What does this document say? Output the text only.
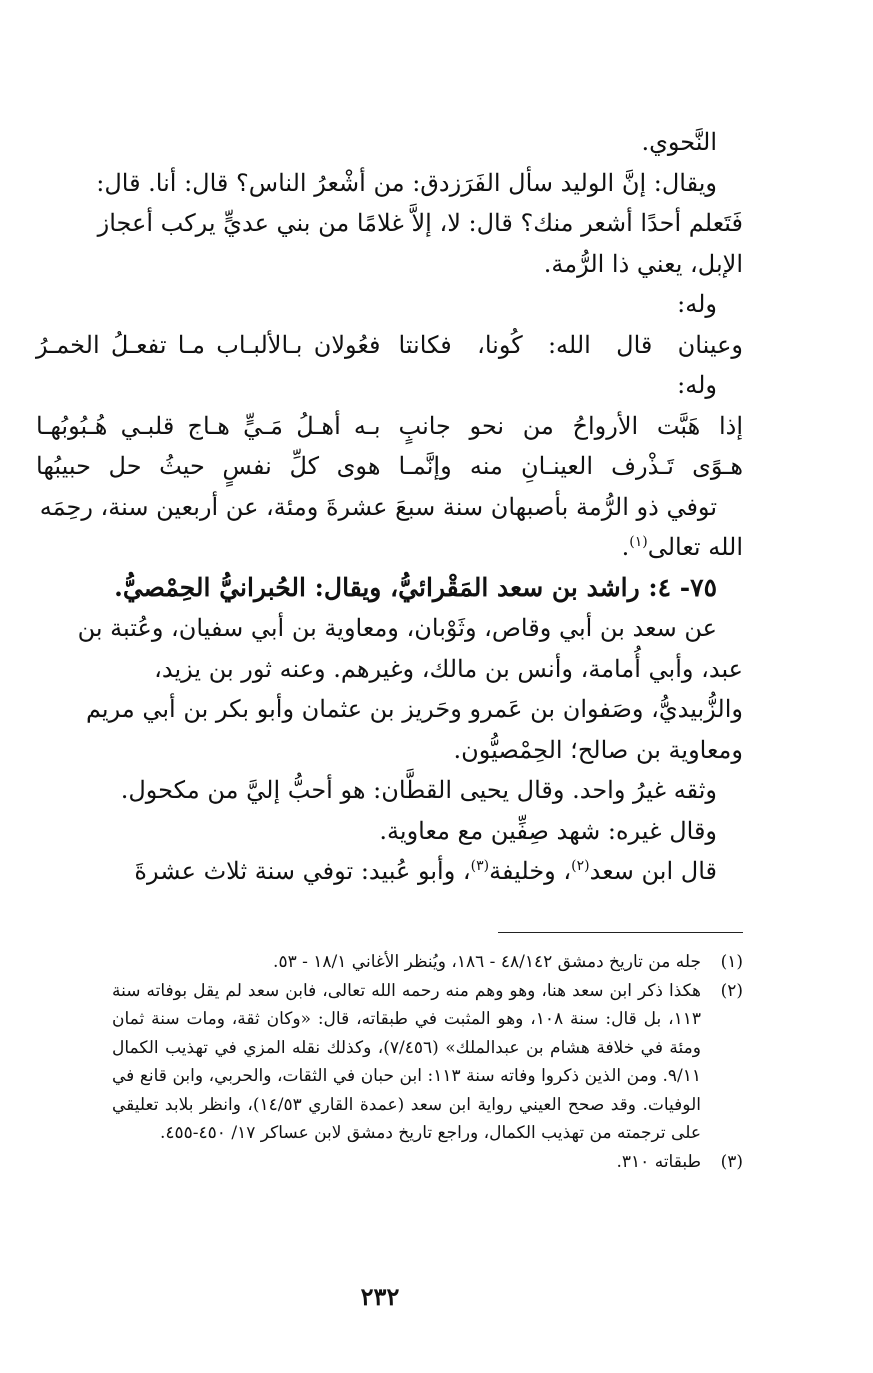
النَّحوي.

ويقال: إنَّ الوليد سأل الفَرَزدق: من أشْعرُ الناس؟ قال: أنا. قال:

فَتَعلم أحدًا أشعر منك؟ قال: لا، إلاَّ غلامًا من بني عديٍّ يركب أعجاز

الإبل، يعني ذا الرُّمة.

وله:

وعينان قال الله: كُونا، فكانتا
فعُولان بـالألبـاب مـا تفعـلُ الخمـرُ

وله:

إذا هَبَّت الأرواحُ من نحو جانبٍ
بـه أهـلُ مَـيٍّ هـاج قلبـي هُـبُوبُهـا

هـوًى تَـذْرف العينـانِ منه وإنَّمـا
هوى كلِّ نفسٍ حيثُ حل حبيبُها

توفي ذو الرُّمة بأصبهان سنة سبعَ عشرةَ ومئة، عن أربعين سنة، رحِمَه

الله تعالى$^{(١)}$.

٧٥- ٤: راشد بن سعد المَقْرائيُّ، ويقال: الحُبرانيُّ الحِمْصيُّ.

عن سعد بن أبي وقاص، وثَوْبان، ومعاوية بن أبي سفيان، وعُتبة بن

عبد، وأبي أُمامة، وأنس بن مالك، وغيرهم. وعنه ثور بن يزيد،

والزُّبيديُّ، وصَفوان بن عَمرو وحَريز بن عثمان وأبو بكر بن أبي مريم

ومعاوية بن صالح؛ الحِمْصيُّون.

وثقه غيرُ واحد. وقال يحيى القطَّان: هو أحبُّ إليَّ من مكحول.

وقال غيره: شهد صِفِّين مع معاوية.

قال ابن سعد$^{(٢)}$، وخليفة$^{(٣)}$، وأبو عُبيد: توفي سنة ثلاث عشرةَ

(١)
جله من تاريخ دمشق ٤٨/١٤٢ - ١٨٦، ويُنظر الأغاني ١٨/١ - ٥٣.
(٢)
هكذا ذكر ابن سعد هنا، وهو وهم منه رحمه الله تعالى، فابن سعد لم يقل بوفاته سنة ١١٣، بل قال: سنة ١٠٨، وهو المثبت في طبقاته، قال: «وكان ثقة، ومات سنة ثمان ومئة في خلافة هشام بن عبدالملك» (٧/٤٥٦)، وكذلك نقله المزي في تهذيب الكمال ٩/١١. ومن الذين ذكروا وفاته سنة ١١٣: ابن حبان في الثقات، والحربي، وابن قانع في الوفيات. وقد صحح العيني رواية ابن سعد (عمدة القاري ١٤/٥٣)، وانظر بلابد تعليقي على ترجمته من تهذيب الكمال، وراجع تاريخ دمشق لابن عساكر ١٧/ ٤٥٠-٤٥٥.
(٣)
طبقاته ٣١٠.
٢٣٢
